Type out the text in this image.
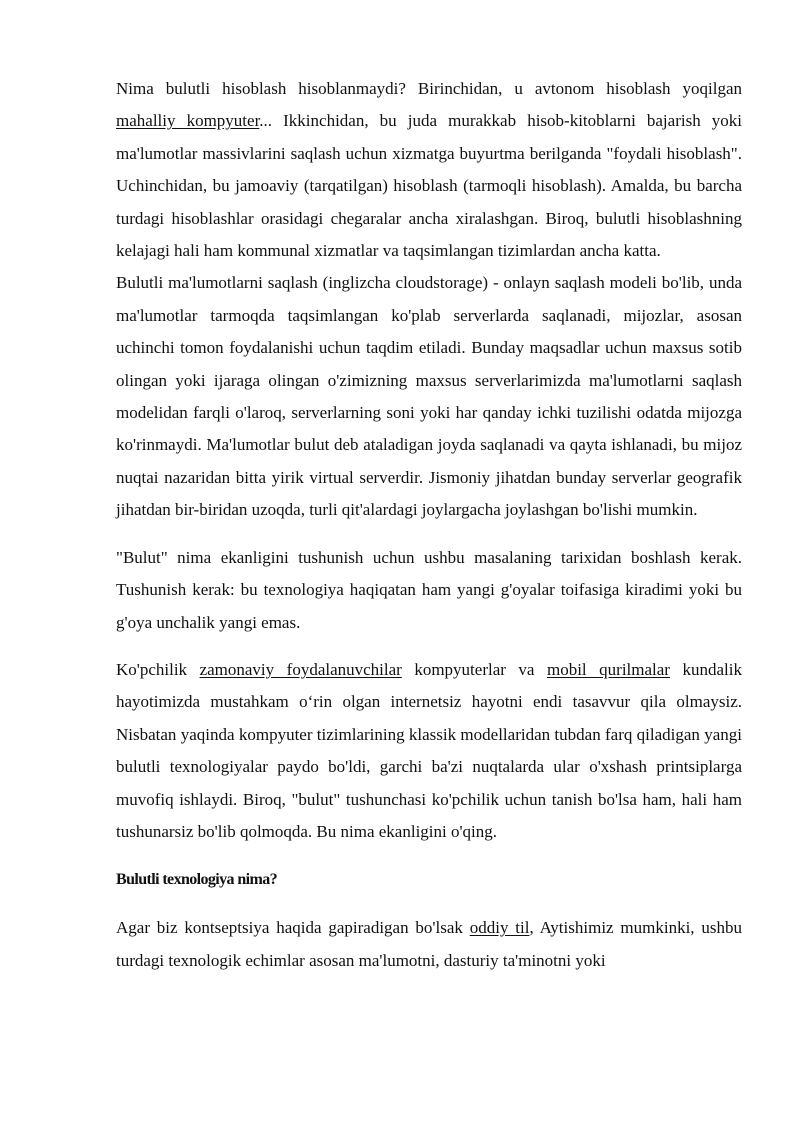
Nima bulutli hisoblash hisoblanmaydi? Birinchidan, u avtonom hisoblash yoqilgan mahalliy kompyuter... Ikkinchidan, bu juda murakkab hisob-kitoblarni bajarish yoki ma'lumotlar massivlarini saqlash uchun xizmatga buyurtma berilganda "foydali hisoblash". Uchinchidan, bu jamoaviy (tarqatilgan) hisoblash (tarmoqli hisoblash). Amalda, bu barcha turdagi hisoblashlar orasidagi chegaralar ancha xiralashgan. Biroq, bulutli hisoblashning kelajagi hali ham kommunal xizmatlar va taqsimlangan tizimlardan ancha katta.

Bulutli ma'lumotlarni saqlash (inglizcha cloudstorage) - onlayn saqlash modeli bo'lib, unda ma'lumotlar tarmoqda taqsimlangan ko'plab serverlarda saqlanadi, mijozlar, asosan uchinchi tomon foydalanishi uchun taqdim etiladi. Bunday maqsadlar uchun maxsus sotib olingan yoki ijaraga olingan o'zimizning maxsus serverlarimizda ma'lumotlarni saqlash modelidan farqli o'laroq, serverlarning soni yoki har qanday ichki tuzilishi odatda mijozga ko'rinmaydi. Ma'lumotlar bulut deb ataladigan joyda saqlanadi va qayta ishlanadi, bu mijoz nuqtai nazaridan bitta yirik virtual serverdir. Jismoniy jihatdan bunday serverlar geografik jihatdan bir-biridan uzoqda, turli qit'alardagi joylargacha joylashgan bo'lishi mumkin.

"Bulut" nima ekanligini tushunish uchun ushbu masalaning tarixidan boshlash kerak. Tushunish kerak: bu texnologiya haqiqatan ham yangi g'oyalar toifasiga kiradimi yoki bu g'oya unchalik yangi emas.

Ko'pchilik zamonaviy foydalanuvchilar kompyuterlar va mobil qurilmalar kundalik hayotimizda mustahkam o‘rin olgan internetsiz hayotni endi tasavvur qila olmaysiz. Nisbatan yaqinda kompyuter tizimlarining klassik modellaridan tubdan farq qiladigan yangi bulutli texnologiyalar paydo bo'ldi, garchi ba'zi nuqtalarda ular o'xshash printsiplarga muvofiq ishlaydi. Biroq, "bulut" tushunchasi ko'pchilik uchun tanish bo'lsa ham, hali ham tushunarsiz bo'lib qolmoqda. Bu nima ekanligini o'qing.

Bulutli texnologiya nima?

Agar biz kontseptsiya haqida gapiradigan bo'lsak oddiy til, Aytishimiz mumkinki, ushbu turdagi texnologik echimlar asosan ma'lumotni, dasturiy ta'minotni yoki
